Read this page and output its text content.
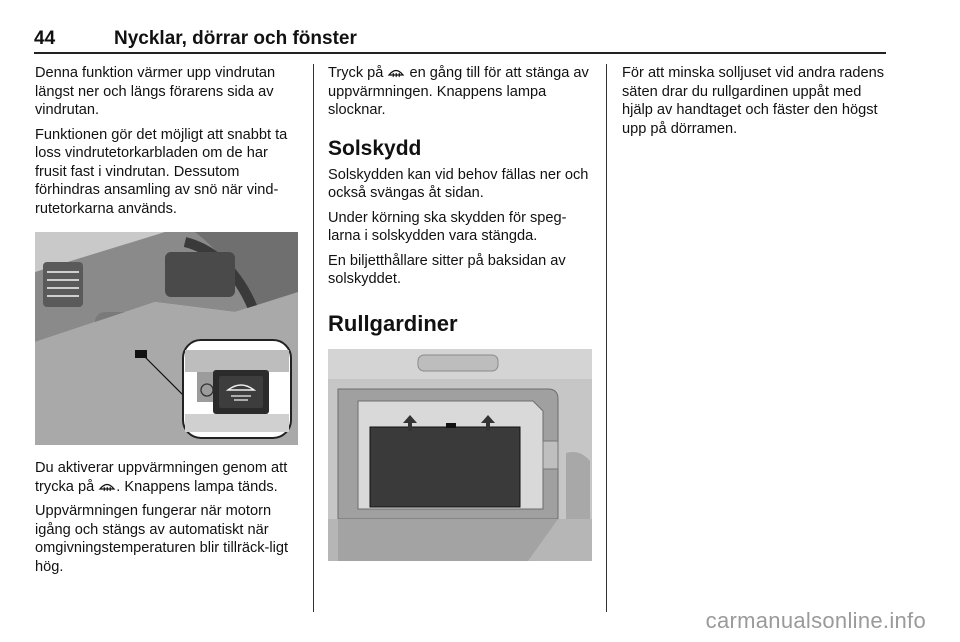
44	Nycklar, dörrar och fönster

Denna funktion värmer upp vindrutan längst ner och längs förarens sida av vindrutan.

Funktionen gör det möjligt att snabbt ta loss vindrutetorkarbladen om de har frusit fast i vindrutan. Dessutom förhindras ansamling av snö när vind-rutetorkarna används.

Du aktiverar uppvärmningen genom att trycka på . Knappens lampa tänds.

Uppvärmningen fungerar när motorn igång och stängs av automatiskt när omgivningstemperaturen blir tillräck-ligt hög.

Tryck på  en gång till för att stänga av uppvärmningen. Knappens lampa slocknar.

Solskydd

Solskydden kan vid behov fällas ner och också svängas åt sidan.

Under körning ska skydden för speg-larna i solskydden vara stängda.

En biljetthållare sitter på baksidan av solskyddet.

Rullgardiner

För att minska solljuset vid andra radens säten drar du rullgardinen uppåt med hjälp av handtaget och fäster den högst upp på dörramen.

carmanualsonline.info
